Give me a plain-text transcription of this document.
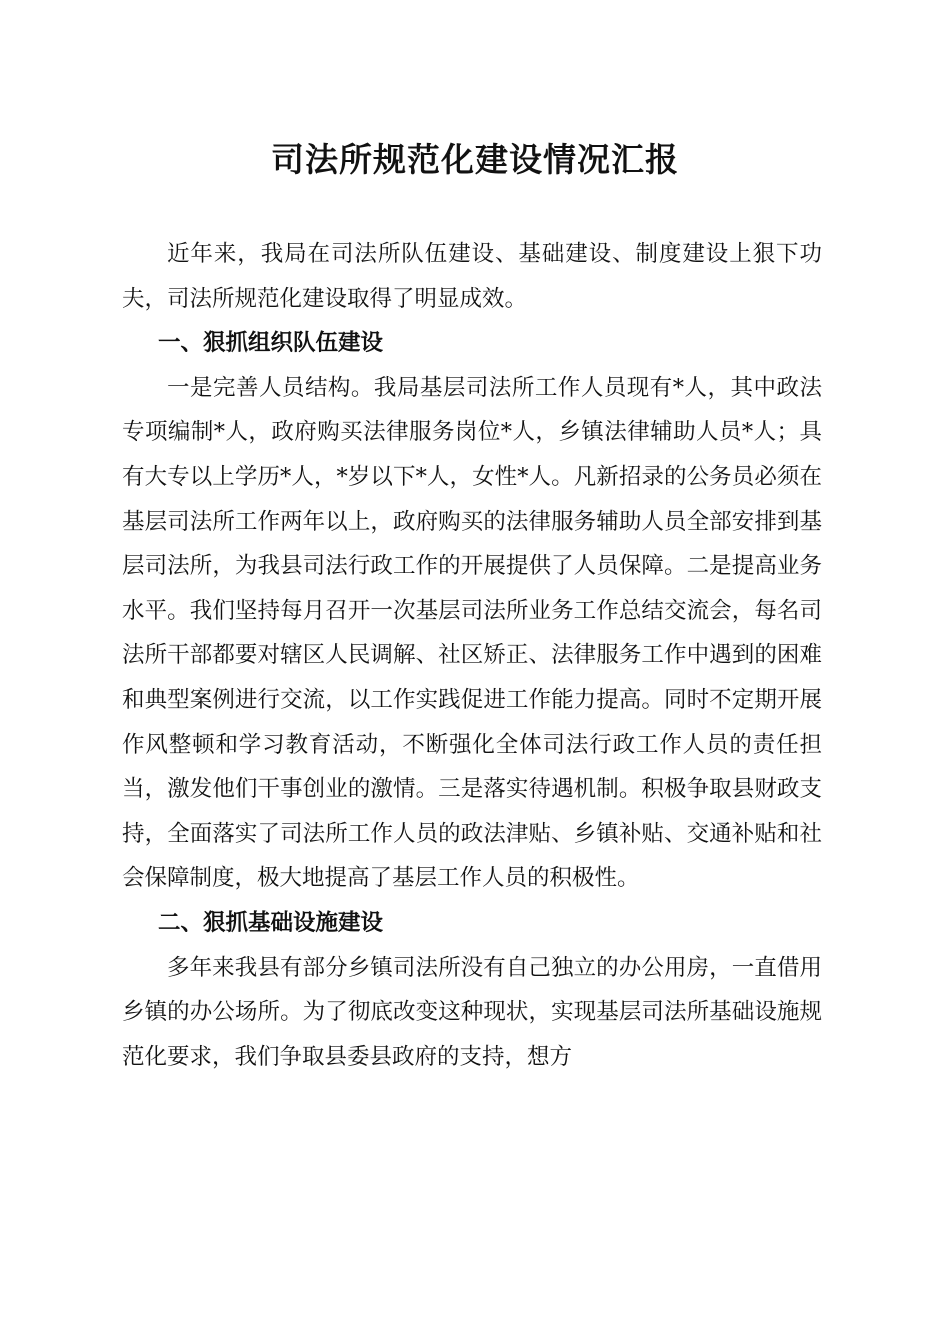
司法所规范化建设情况汇报

近年来，我局在司法所队伍建设、基础建设、制度建设上狠下功夫，司法所规范化建设取得了明显成效。

一、狠抓组织队伍建设

一是完善人员结构。我局基层司法所工作人员现有*人，其中政法专项编制*人，政府购买法律服务岗位*人，乡镇法律辅助人员*人；具有大专以上学历*人，*岁以下*人，女性*人。凡新招录的公务员必须在基层司法所工作两年以上，政府购买的法律服务辅助人员全部安排到基层司法所，为我县司法行政工作的开展提供了人员保障。二是提高业务水平。我们坚持每月召开一次基层司法所业务工作总结交流会，每名司法所干部都要对辖区人民调解、社区矫正、法律服务工作中遇到的困难和典型案例进行交流，以工作实践促进工作能力提高。同时不定期开展作风整顿和学习教育活动，不断强化全体司法行政工作人员的责任担当，激发他们干事创业的激情。三是落实待遇机制。积极争取县财政支持，全面落实了司法所工作人员的政法津贴、乡镇补贴、交通补贴和社会保障制度，极大地提高了基层工作人员的积极性。

二、狠抓基础设施建设

多年来我县有部分乡镇司法所没有自己独立的办公用房，一直借用乡镇的办公场所。为了彻底改变这种现状，实现基层司法所基础设施规范化要求，我们争取县委县政府的支持，想方
